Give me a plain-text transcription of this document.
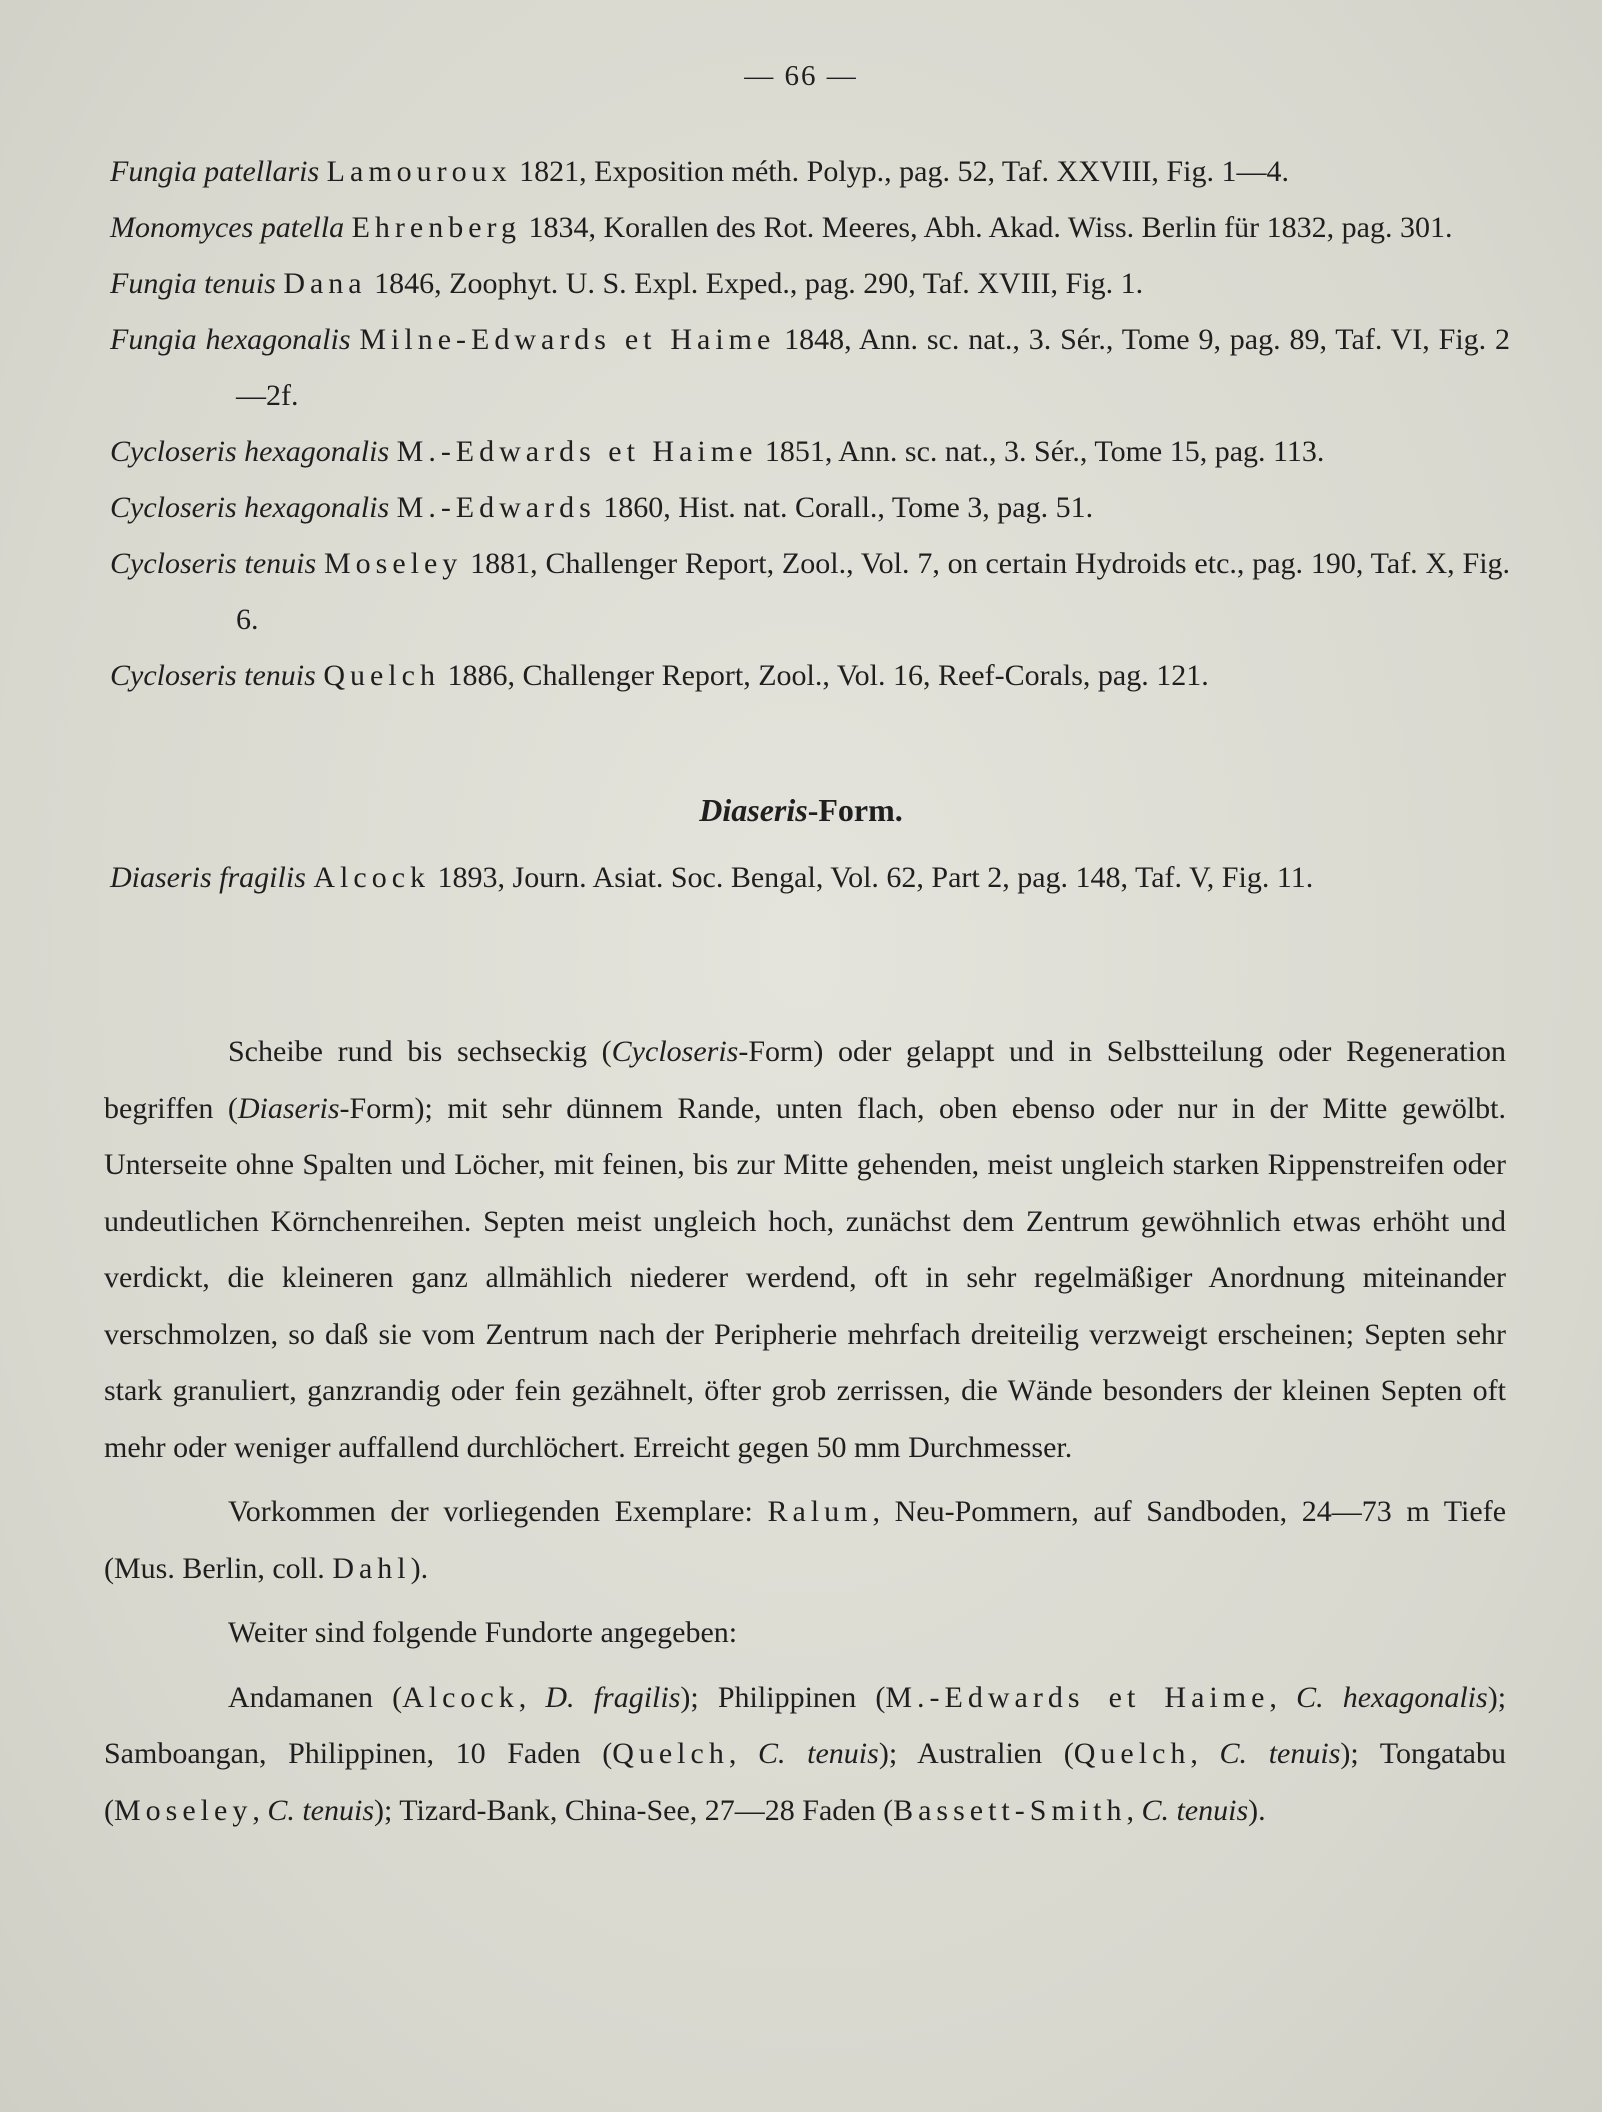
— 66 —
Fungia patellaris Lamouroux 1821, Exposition méth. Polyp., pag. 52, Taf. XXVIII, Fig. 1—4.
Monomyces patella Ehrenberg 1834, Korallen des Rot. Meeres, Abh. Akad. Wiss. Berlin für 1832, pag. 301.
Fungia tenuis Dana 1846, Zoophyt. U. S. Expl. Exped., pag. 290, Taf. XVIII, Fig. 1.
Fungia hexagonalis Milne-Edwards et Haime 1848, Ann. sc. nat., 3. Sér., Tome 9, pag. 89, Taf. VI, Fig. 2—2f.
Cycloseris hexagonalis M.-Edwards et Haime 1851, Ann. sc. nat., 3. Sér., Tome 15, pag. 113.
Cycloseris hexagonalis M.-Edwards 1860, Hist. nat. Corall., Tome 3, pag. 51.
Cycloseris tenuis Moseley 1881, Challenger Report, Zool., Vol. 7, on certain Hydroids etc., pag. 190, Taf. X, Fig. 6.
Cycloseris tenuis Quelch 1886, Challenger Report, Zool., Vol. 16, Reef-Corals, pag. 121.
Diaseris-Form.
Diaseris fragilis Alcock 1893, Journ. Asiat. Soc. Bengal, Vol. 62, Part 2, pag. 148, Taf. V, Fig. 11.

Scheibe rund bis sechseckig (Cycloseris-Form) oder gelappt und in Selbstteilung oder Regeneration begriffen (Diaseris-Form); mit sehr dünnem Rande, unten flach, oben ebenso oder nur in der Mitte gewölbt. Unterseite ohne Spalten und Löcher, mit feinen, bis zur Mitte gehenden, meist ungleich starken Rippenstreifen oder undeutlichen Körnchenreihen. Septen meist ungleich hoch, zunächst dem Zentrum gewöhnlich etwas erhöht und verdickt, die kleineren ganz allmählich niederer werdend, oft in sehr regelmäßiger Anordnung miteinander verschmolzen, so daß sie vom Zentrum nach der Peripherie mehrfach dreiteilig verzweigt erscheinen; Septen sehr stark granuliert, ganzrandig oder fein gezähnelt, öfter grob zerrissen, die Wände besonders der kleinen Septen oft mehr oder weniger auffallend durchlöchert. Erreicht gegen 50 mm Durchmesser.

Vorkommen der vorliegenden Exemplare: Ralum, Neu-Pommern, auf Sandboden, 24—73 m Tiefe (Mus. Berlin, coll. Dahl).

Weiter sind folgende Fundorte angegeben:

Andamanen (Alcock, D. fragilis); Philippinen (M.-Edwards et Haime, C. hexagonalis); Samboangan, Philippinen, 10 Faden (Quelch, C. tenuis); Australien (Quelch, C. tenuis); Tongatabu (Moseley, C. tenuis); Tizard-Bank, China-See, 27—28 Faden (Bassett-Smith, C. tenuis).
